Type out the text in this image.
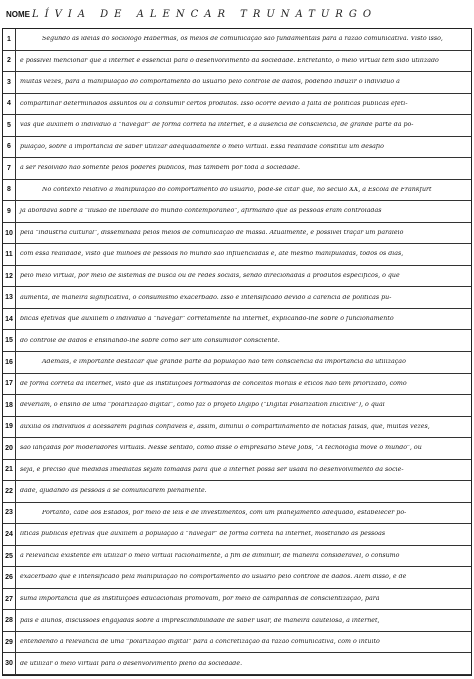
NOME LÍVIA DE ALENCAR TRUNATURGO
1	Segundo as ideias do sociólogo Habermas, os meios de comunicação são fundamentais para a razão comunicativa. Visto isso,
2	é possível mencionar que a internet é essencial para o desenvolvimento da sociedade. Entretanto, o meio virtual tem sido utilizado
3	muitas vezes, para a manipulação do comportamento do usuário pelo controle de dados, podendo induzir o indivíduo a
4	compartilhar determinados assuntos ou a consumir certos produtos. Isso ocorre devido à falta de políticas públicas efeti-
5	vas que auxiliem o indivíduo a "navegar" de forma correta na internet, e à ausência de consciência, de grande parte da po-
6	pulação, sobre a importância de saber utilizar adequadamente o meio virtual. Essa realidade constitui um desafio
7	a ser resolvido não somente pelos poderes públicos, mas também por toda a sociedade.
8	No contexto relativo à manipulação do comportamento do usuário, pode-se citar que, no século XX, a Escola de Frankfurt
9	já abordava sobre a "ilusão de liberdade do mundo contemporâneo", afirmando que as pessoas eram controladas
10	pela "indústria cultural", disseminada pelos meios de comunicação de massa. Atualmente, é possível traçar um paralelo
11	com essa realidade, visto que milhões de pessoas no mundo são influenciadas e, até mesmo manipuladas, todos os dias,
12	pelo meio virtual, por meio de sistemas de busca ou de redes sociais, sendo direcionadas a produtos específicos, o que
13	aumenta, de maneira significativa, o consumismo exacerbado. Isso é intensificado devido à carência de políticas pú-
14	blicas efetivas que auxiliem o indivíduo a "navegar" corretamente na internet, explicando-lhe sobre o funcionamento
15	do controle de dados e ensinando-lhe sobre como ser um consumidor consciente.
16	Ademais, é importante destacar que grande parte da população não tem consciência da importância da utilização
17	de forma correta da internet, visto que as instituições formadoras de conceitos morais e éticos não têm priorizado, como
18	deveriam, o ensino de uma "polarização digital", como faz o projeto Digipo ("Digital Polarization Inicitive"), o qual
19	auxilia os indivíduos a acessarem páginas confiáveis e, assim, diminui o compartilhamento de notícias falsas, que, muitas vezes,
20	são lançadas por moderadores virtuais. Nesse sentido, como disse o empresário Steve Jobs, "A tecnologia move o mundo", ou
21	seja, é preciso que medidas imediatas sejam tomadas para que a internet possa ser usada no desenvolvimento da socie-
22	dade, ajudando as pessoas a se comunicarem plenamente.
23	Portanto, cabe aos Estados, por meio de leis e de investimentos, com um planejamento adequado, estabelecer po-
24	líticas públicas efetivas que auxiliem a população a "navegar" de forma correta na internet, mostrando às pessoas
25	a relevância existente em utilizar o meio virtual racionalmente, a fim de diminuir, de maneira considerável, o consumo
26	exacerbado que é intensificado pela manipulação no comportamento do usuário pelo controle de dados. Além disso, é de
27	suma importância que as instituições educacionais promovam, por meio de campanhas de conscientização, para
28	pais e alunos, discussões engajadas sobre a imprescindibilidade de saber usar, de maneira cautelosa, a internet,
29	entendendo a relevância de uma "polarização digital" para a concretização da razão comunicativa, com o intuito
30	de utilizar o meio virtual para o desenvolvimento pleno da sociedade.
